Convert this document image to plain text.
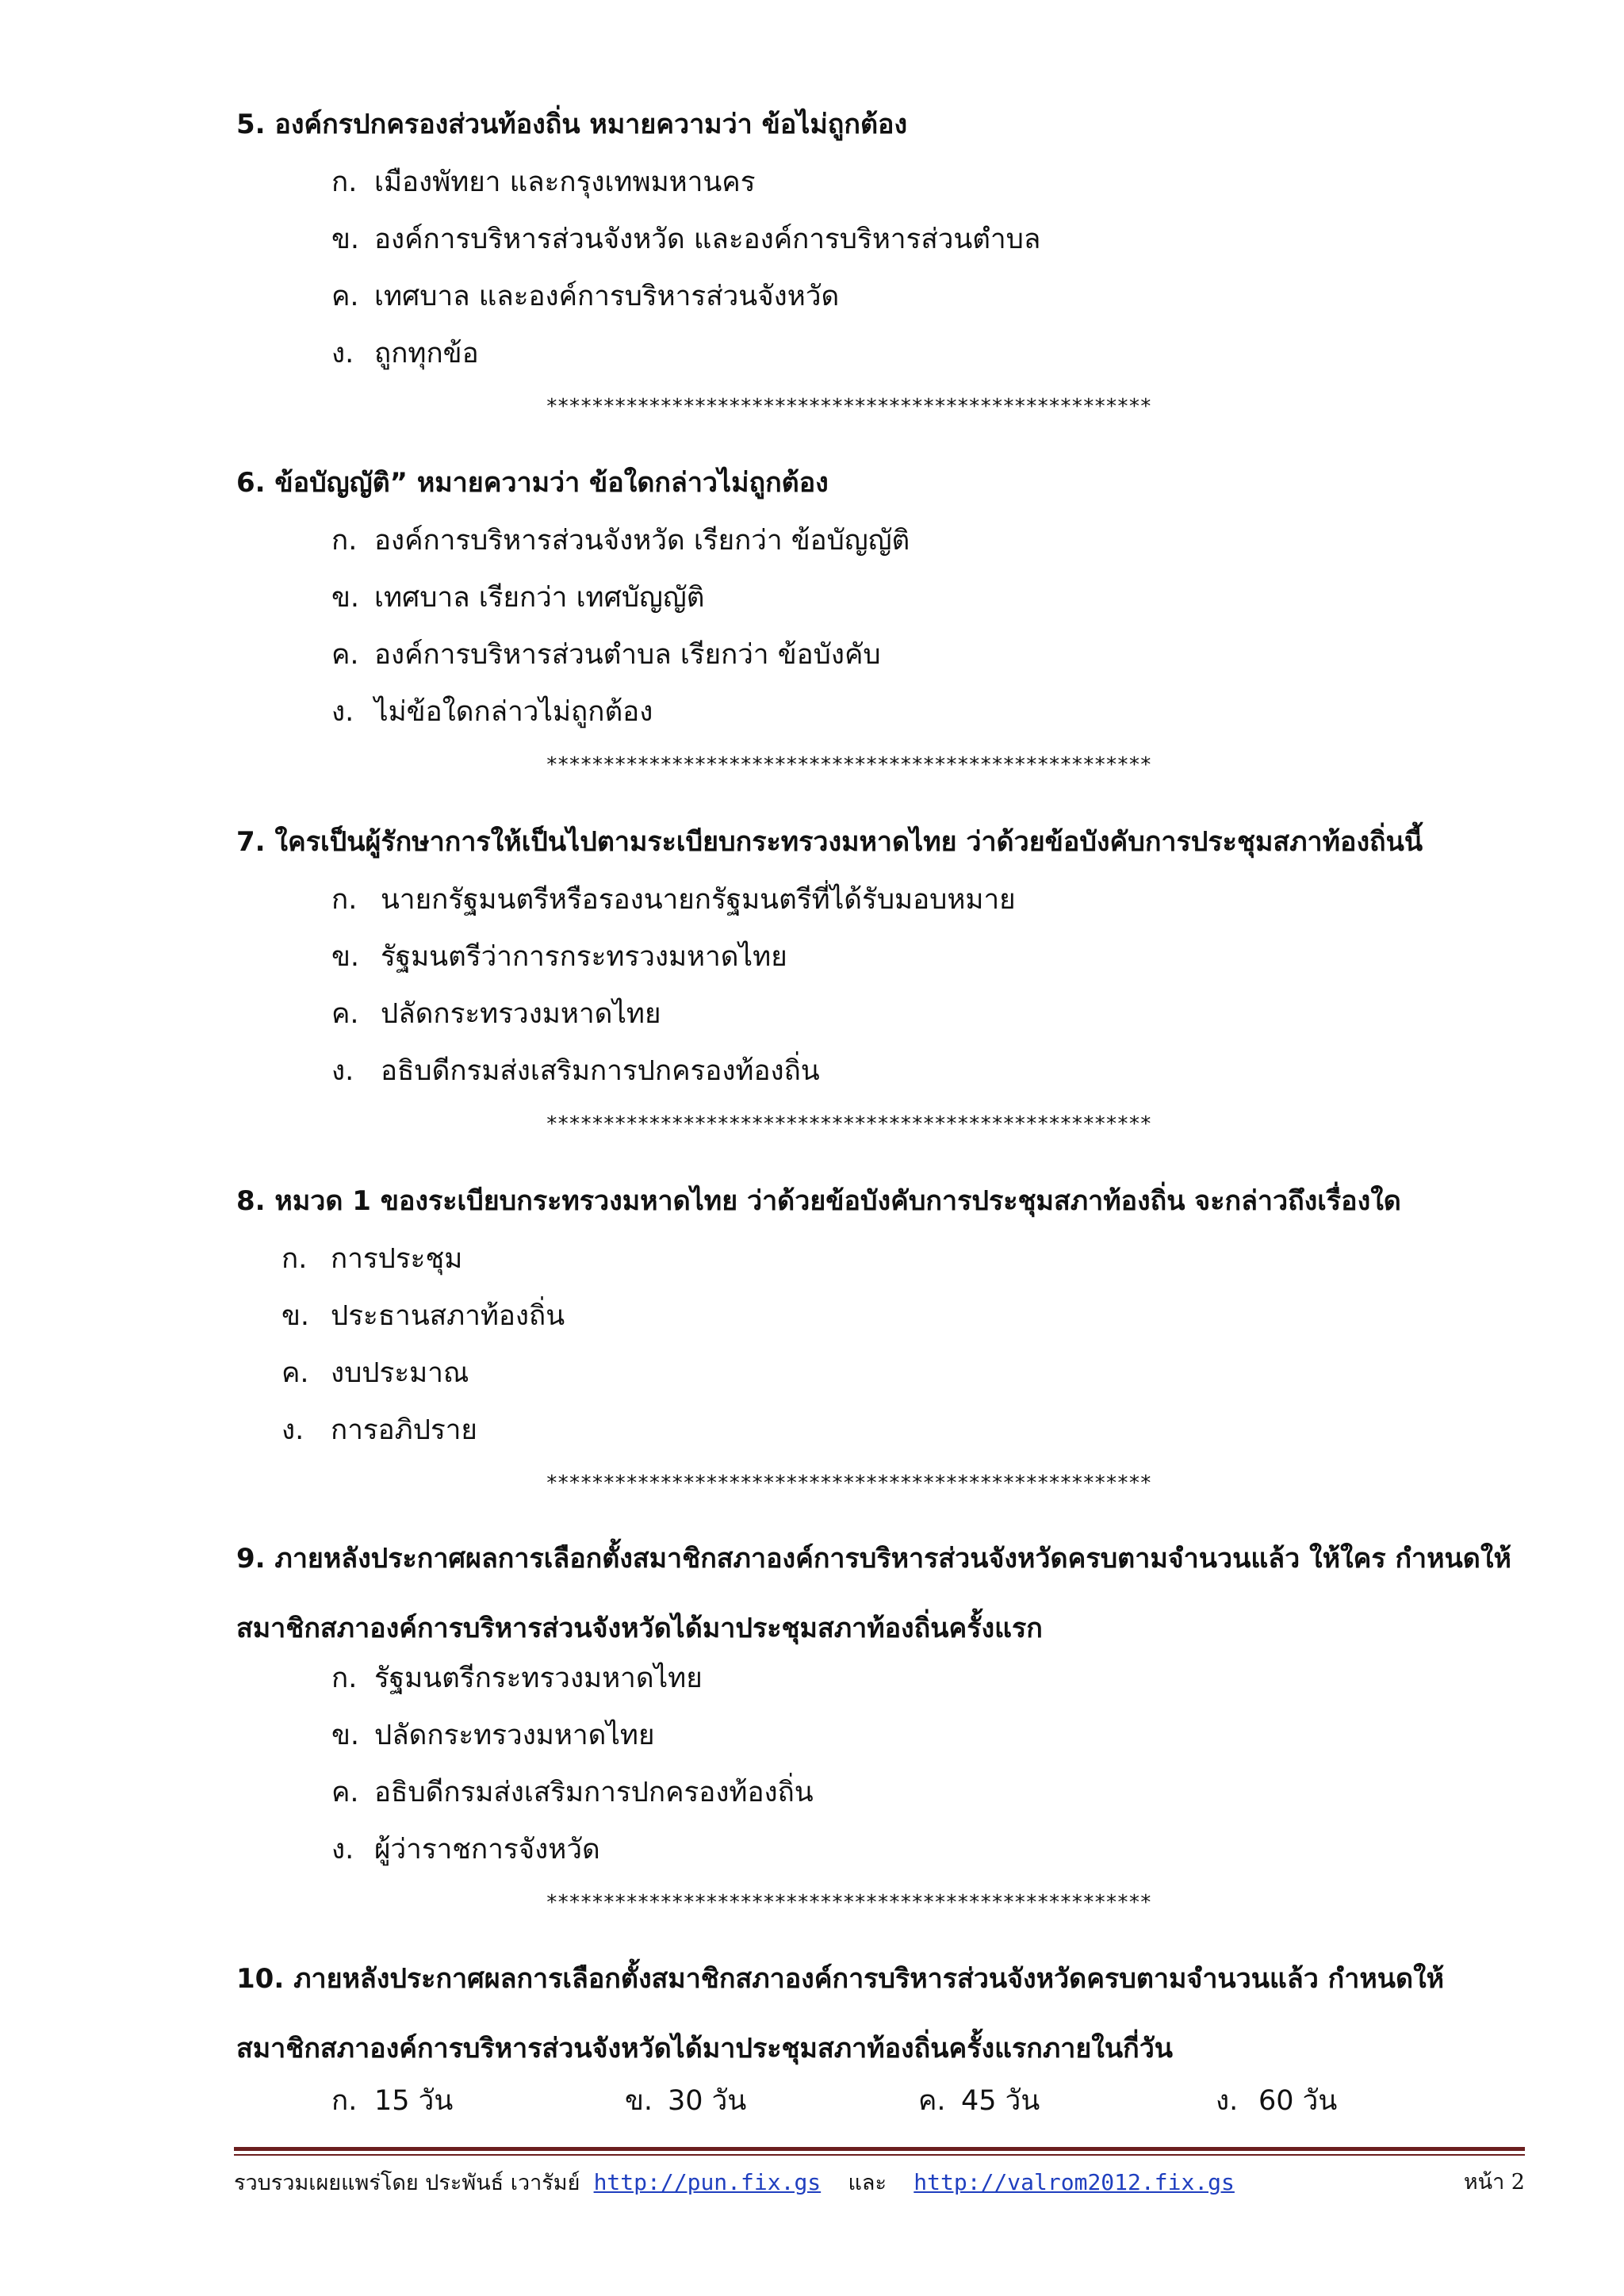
5. องค์กรปกครองส่วนท้องถิ่น หมายความว่า ข้อไม่ถูกต้อง
ก. เมืองพัทยา และกรุงเทพมหานคร
ข. องค์การบริหารส่วนจังหวัด และองค์การบริหารส่วนตำบล
ค. เทศบาล และองค์การบริหารส่วนจังหวัด
ง. ถูกทุกข้อ
*****************************************************
6. ข้อบัญญัติ” หมายความว่า ข้อใดกล่าวไม่ถูกต้อง
ก. องค์การบริหารส่วนจังหวัด เรียกว่า ข้อบัญญัติ
ข. เทศบาล เรียกว่า เทศบัญญัติ
ค. องค์การบริหารส่วนตำบล เรียกว่า ข้อบังคับ
ง. ไม่ข้อใดกล่าวไม่ถูกต้อง
*****************************************************
7. ใครเป็นผู้รักษาการให้เป็นไปตามระเบียบกระทรวงมหาดไทย ว่าด้วยข้อบังคับการประชุมสภาท้องถิ่นนี้
ก. นายกรัฐมนตรีหรือรองนายกรัฐมนตรีที่ได้รับมอบหมาย
ข. รัฐมนตรีว่าการกระทรวงมหาดไทย
ค. ปลัดกระทรวงมหาดไทย
ง. อธิบดีกรมส่งเสริมการปกครองท้องถิ่น
*****************************************************
8. หมวด 1 ของระเบียบกระทรวงมหาดไทย ว่าด้วยข้อบังคับการประชุมสภาท้องถิ่น จะกล่าวถึงเรื่องใด
ก. การประชุม
ข. ประธานสภาท้องถิ่น
ค. งบประมาณ
ง. การอภิปราย
*****************************************************
9. ภายหลังประกาศผลการเลือกตั้งสมาชิกสภาองค์การบริหารส่วนจังหวัดครบตามจำนวนแล้ว ให้ใคร กำหนดให้สมาชิกสภาองค์การบริหารส่วนจังหวัดได้มาประชุมสภาท้องถิ่นครั้งแรก
ก. รัฐมนตรีกระทรวงมหาดไทย
ข. ปลัดกระทรวงมหาดไทย
ค. อธิบดีกรมส่งเสริมการปกครองท้องถิ่น
ง. ผู้ว่าราชการจังหวัด
*****************************************************
10. ภายหลังประกาศผลการเลือกตั้งสมาชิกสภาองค์การบริหารส่วนจังหวัดครบตามจำนวนแล้ว กำหนดให้ สมาชิกสภาองค์การบริหารส่วนจังหวัดได้มาประชุมสภาท้องถิ่นครั้งแรกภายในกี่วัน
ก. 15 วัน	ข. 30 วัน	ค. 45 วัน	ง. 60 วัน
รวบรวมเผยแพร่โดย ประพันธ์ เวารัมย์ http://pun.fix.gs และ http://valrom2012.fix.gs	หน้า 2
